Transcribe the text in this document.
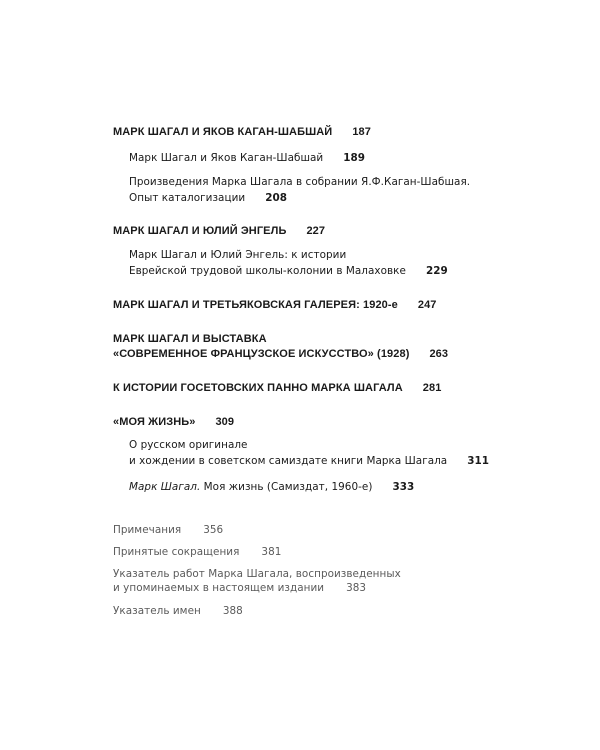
МАРК ШАГАЛ И ЯКОВ КАГАН-ШАБШАЙ 187
Марк Шагал и Яков Каган-Шабшай 189
Произведения Марка Шагала в собрании Я.Ф.Каган-Шабшая.
Опыт каталогизации 208
МАРК ШАГАЛ И ЮЛИЙ ЭНГЕЛЬ 227
Марк Шагал и Юлий Энгель: к истории
Еврейской трудовой школы-колонии в Малаховке 229
МАРК ШАГАЛ И ТРЕТЬЯКОВСКАЯ ГАЛЕРЕЯ: 1920-е 247
МАРК ШАГАЛ И ВЫСТАВКА
«СОВРЕМЕННОЕ ФРАНЦУЗСКОЕ ИСКУССТВО» (1928) 263
К ИСТОРИИ ГОСЕТОВСКИХ ПАННО МАРКА ШАГАЛА 281
«МОЯ ЖИЗНЬ» 309
О русском оригинале
и хождении в советском самиздате книги Марка Шагала 311
Марк Шагал. Моя жизнь (Самиздат, 1960-е) 333
Примечания 356
Принятые сокращения 381
Указатель работ Марка Шагала, воспроизведенных
и упоминаемых в настоящем издании 383
Указатель имен 388
